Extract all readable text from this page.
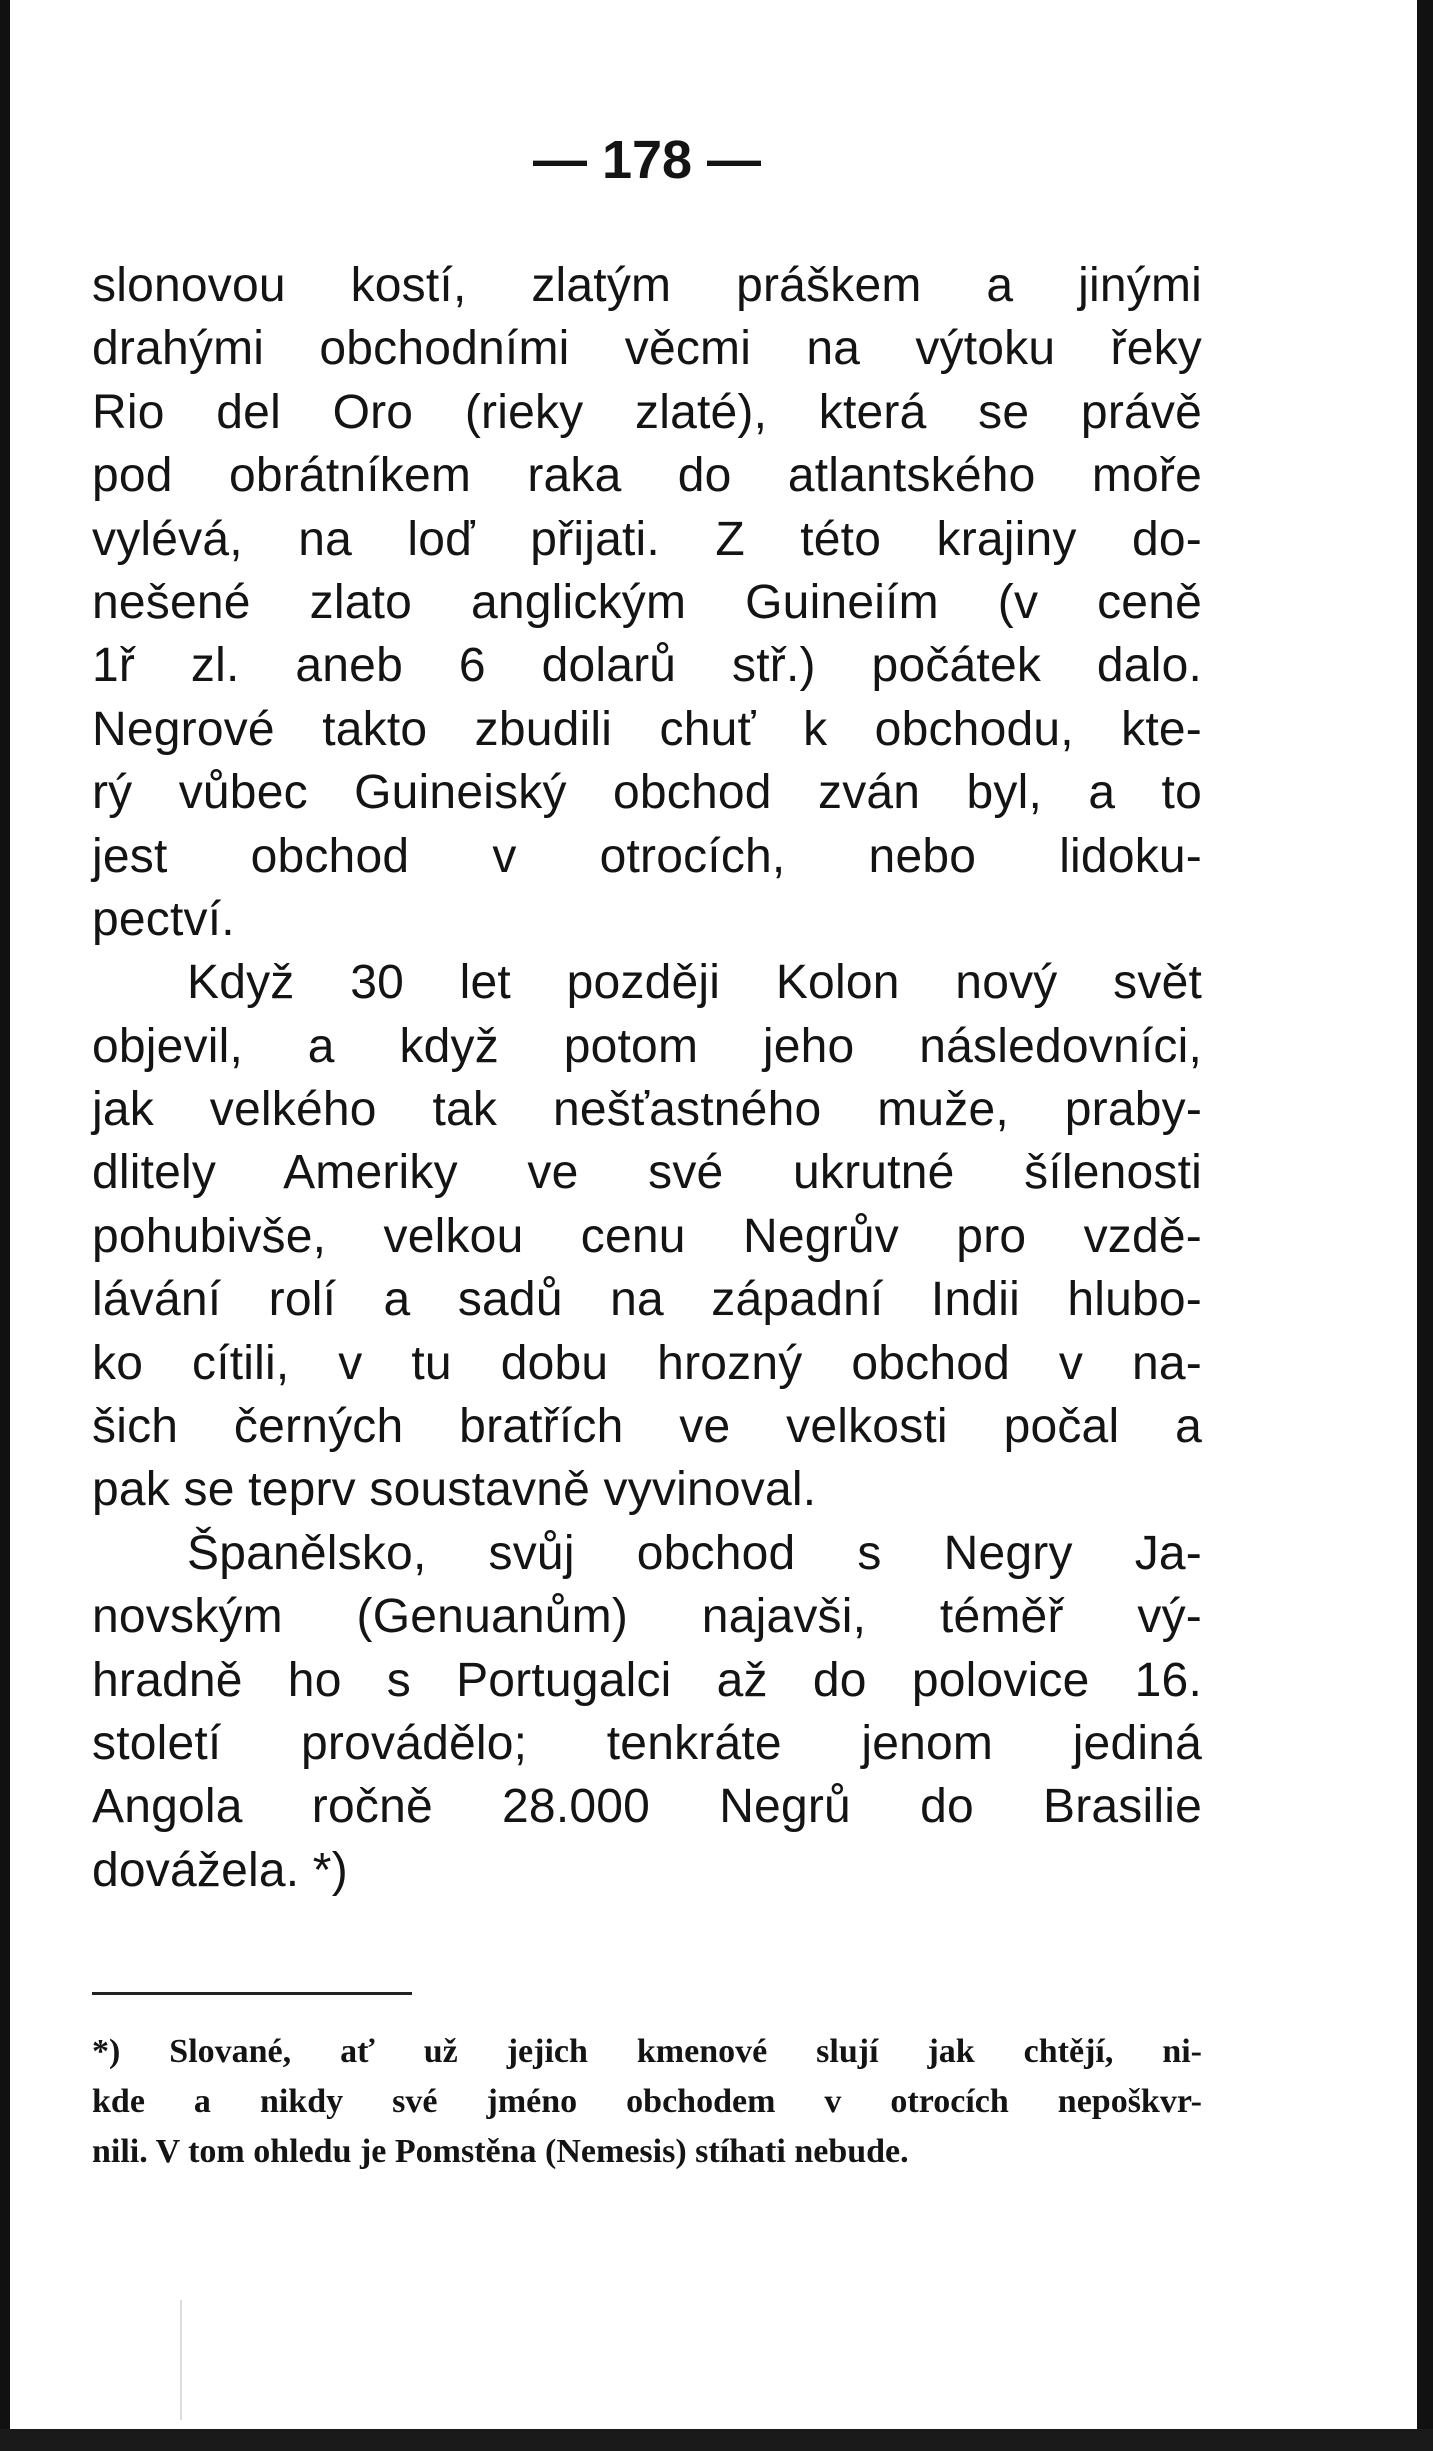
— 178 —
slonovou kostí, zlatým práškem a jinými
drahými obchodními věcmi na výtoku řeky
Rio del Oro (rieky zlaté), která se právě
pod obrátníkem raka do atlantského moře
vylévá, na loď přijati. Z této krajiny do-
nešené zlato anglickým Guineiím (v ceně
1ř zl. aneb 6 dolarů stř.) počátek dalo.
Negrové takto zbudili chuť k obchodu, kte-
rý vůbec Guineiský obchod zván byl, a to
jest obchod v otrocích, nebo lidoku-
pectví.
Když 30 let později Kolon nový svět
objevil, a když potom jeho následovníci,
jak velkého tak nešťastného muže, praby-
dlitely Ameriky ve své ukrutné šílenosti
pohubivše, velkou cenu Negrův pro vzdě-
lávání rolí a sadů na západní Indii hlubo-
ko cítili, v tu dobu hrozný obchod v na-
šich černých bratřích ve velkosti počal a
pak se teprv soustavně vyvinoval.
Španělsko, svůj obchod s Negry Ja-
novským (Genuanům) najavši, téměř vý-
hradně ho s Portugalci až do polovice 16.
století provádělo; tenkráte jenom jediná
Angola ročně 28.000 Negrů do Brasilie
dovážela. *)
*) Slované, ať už jejich kmenové slují jak chtějí, ni-
kde a nikdy své jméno obchodem v otrocích nepoškvr-
nili. V tom ohledu je Pomstěna (Nemesis) stíhati nebude.
